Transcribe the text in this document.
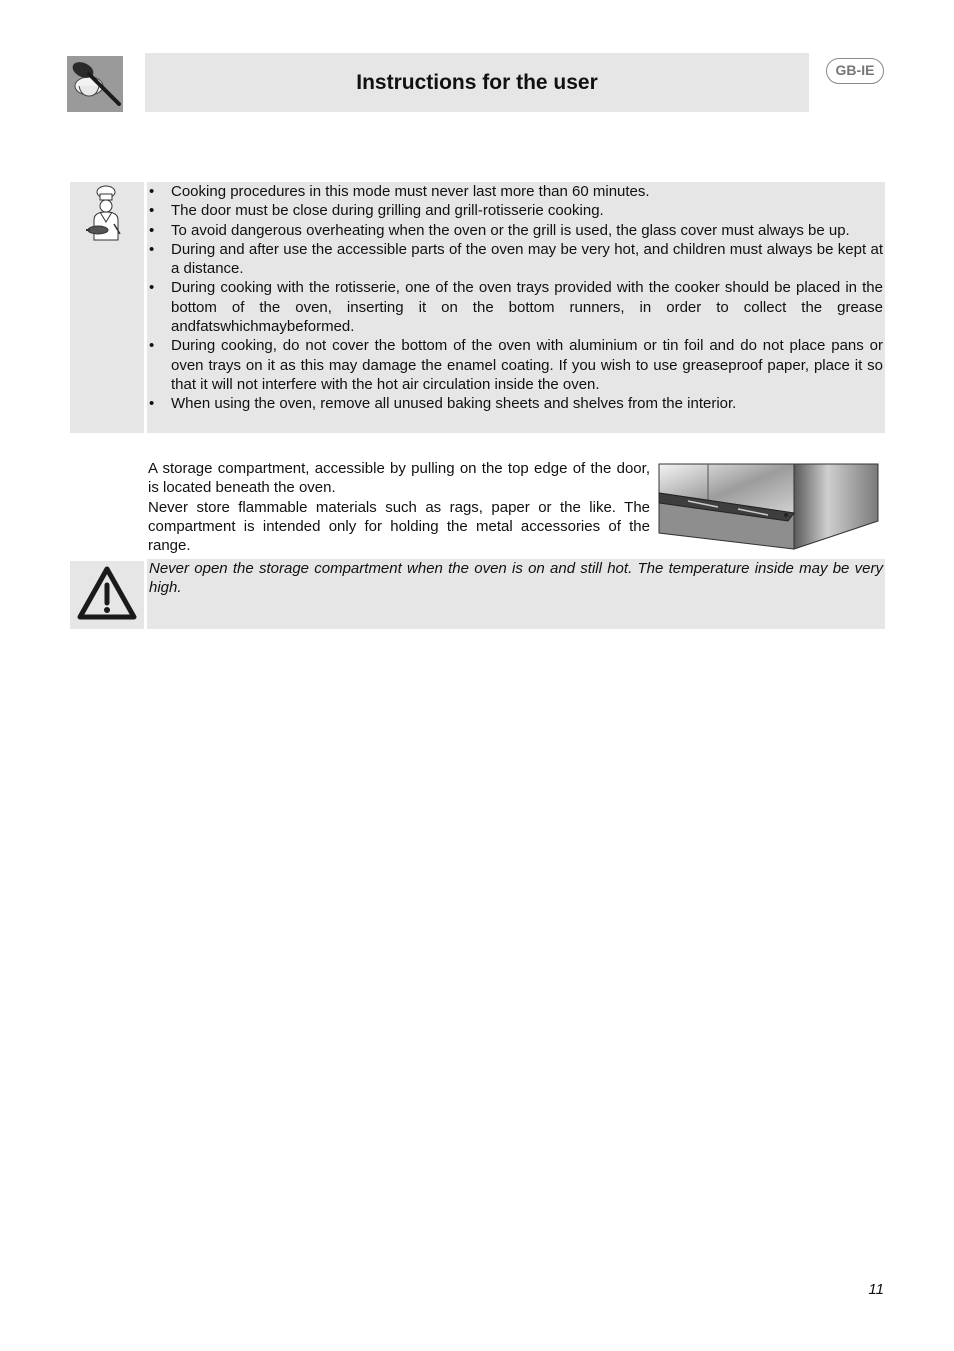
Instructions for the user
GB-IE
• Cooking procedures in this mode must never last more than 60 minutes.
• The door must be close during grilling and grill-rotisserie cooking.
• To avoid dangerous overheating when the oven or the grill is used, the glass cover must always be up.
• During and after use the accessible parts of the oven may be very hot, and children must always be kept at a distance.
• During cooking with the rotisserie, one of the oven trays provided with the cooker should be placed in the bottom of the oven, inserting it on the bottom runners, in order to collect the grease andfatswhichmaybeformed.
• During cooking, do not cover the bottom of the oven with aluminium or tin foil and do not place pans or oven trays on it as this may damage the enamel coating. If you wish to use greaseproof paper, place it so that it will not interfere with the hot air circulation inside the oven.
• When using the oven, remove all unused baking sheets and shelves from the interior.

A storage compartment, accessible by pulling on the top edge of the door, is located beneath the oven.

Never store flammable materials such as rags, paper or the like. The compartment is intended only for holding the metal accessories of the range.

Never open the storage compartment when the oven is on and still hot. The temperature inside may be very high.

11
